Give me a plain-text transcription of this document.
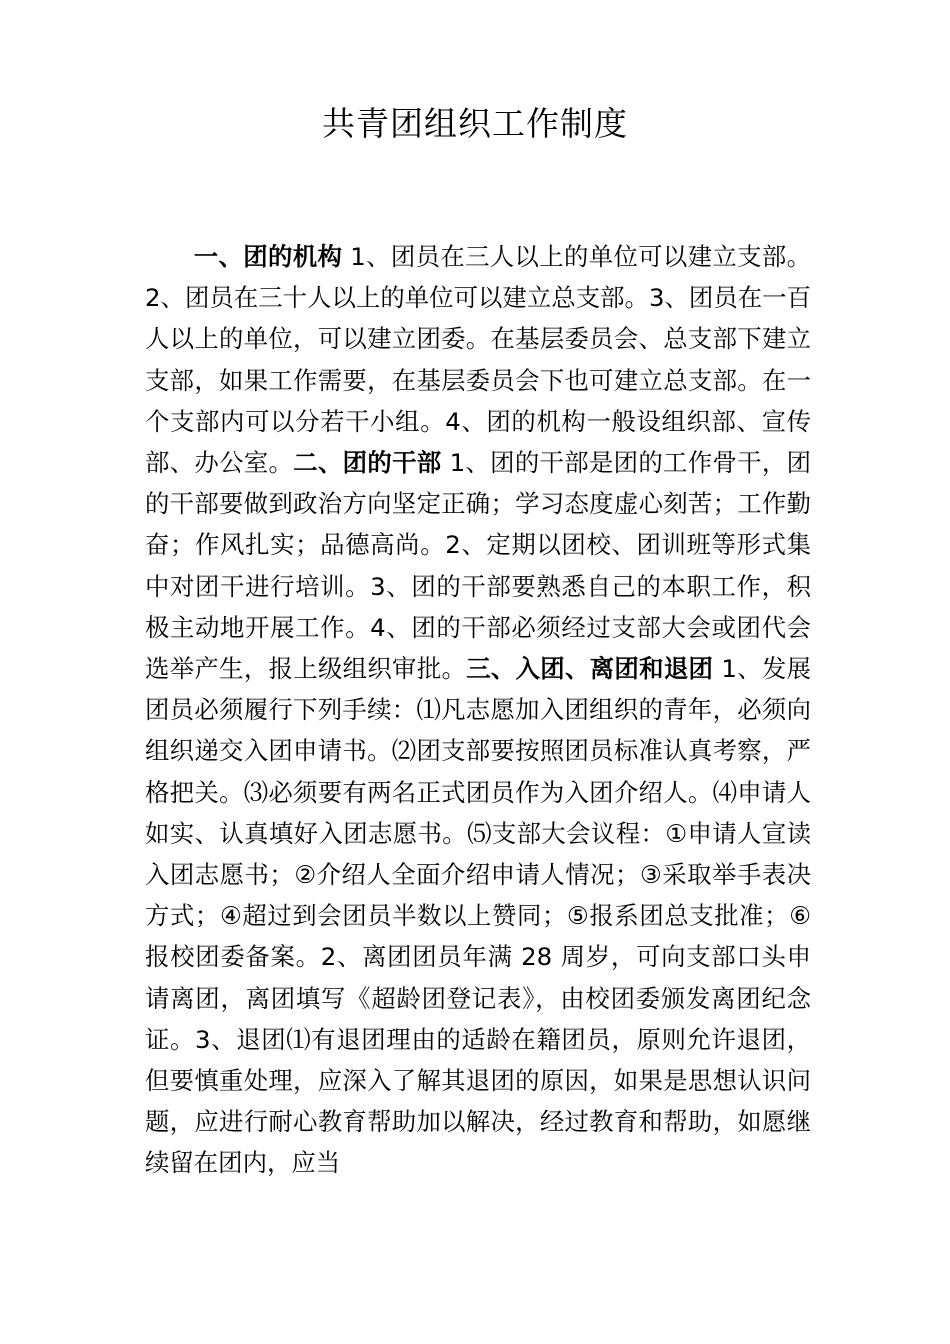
共青团组织工作制度

一、团的机构 1、团员在三人以上的单位可以建立支部。2、团员在三十人以上的单位可以建立总支部。3、团员在一百人以上的单位，可以建立团委。在基层委员会、总支部下建立支部，如果工作需要，在基层委员会下也可建立总支部。在一个支部内可以分若干小组。4、团的机构一般设组织部、宣传部、办公室。二、团的干部 1、团的干部是团的工作骨干，团的干部要做到政治方向坚定正确；学习态度虚心刻苦；工作勤奋；作风扎实；品德高尚。2、定期以团校、团训班等形式集中对团干进行培训。3、团的干部要熟悉自己的本职工作，积极主动地开展工作。4、团的干部必须经过支部大会或团代会选举产生，报上级组织审批。三、入团、离团和退团 1、发展团员必须履行下列手续：⑴凡志愿加入团组织的青年，必须向组织递交入团申请书。⑵团支部要按照团员标准认真考察，严格把关。⑶必须要有两名正式团员作为入团介绍人。⑷申请人如实、认真填好入团志愿书。⑸支部大会议程：①申请人宣读入团志愿书；②介绍人全面介绍申请人情况；③采取举手表决方式；④超过到会团员半数以上赞同；⑤报系团总支批准；⑥报校团委备案。2、离团团员年满 28 周岁，可向支部口头申请离团，离团填写《超龄团登记表》，由校团委颁发离团纪念证。3、退团⑴有退团理由的适龄在籍团员，原则允许退团，但要慎重处理，应深入了解其退团的原因，如果是思想认识问题，应进行耐心教育帮助加以解决，经过教育和帮助，如愿继续留在团内，应当
